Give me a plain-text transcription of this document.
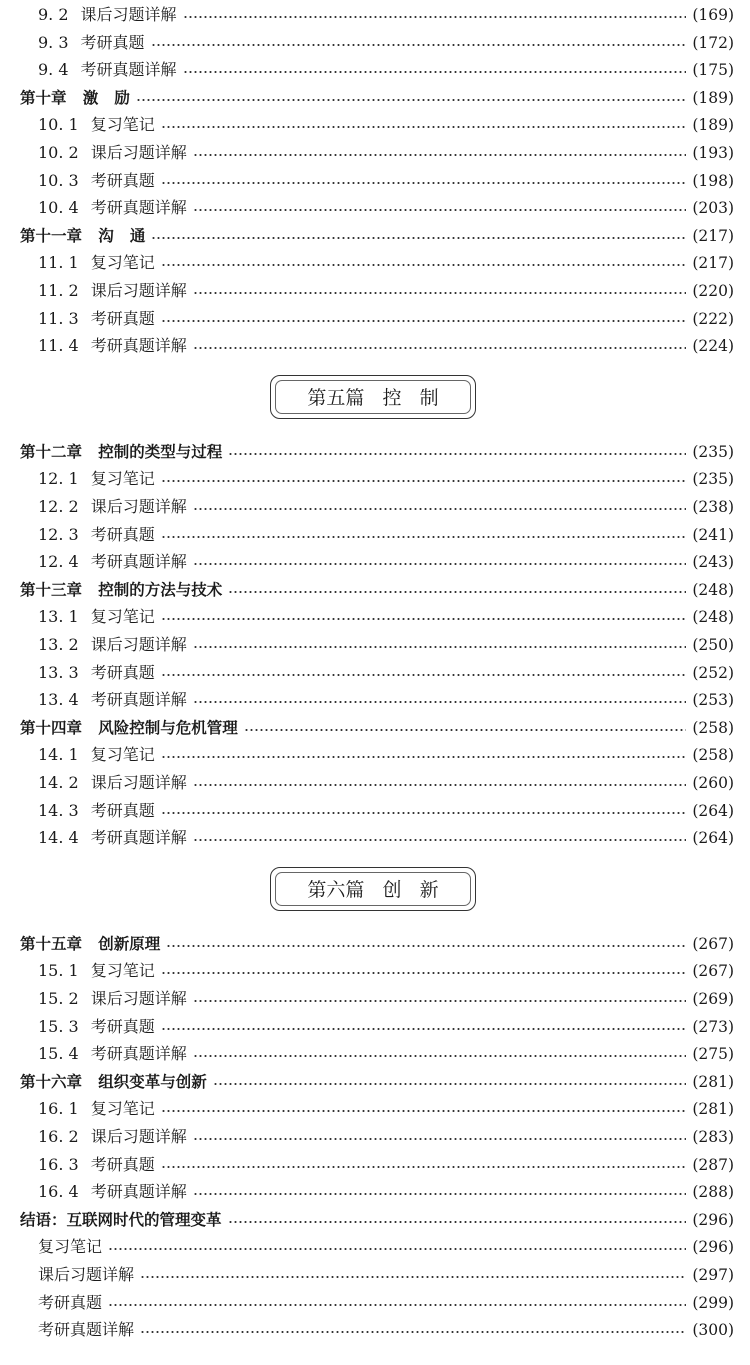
9. 2 课后习题详解	(169)
9. 3 考研真题	(172)
9. 4 考研真题详解	(175)
第十章   激   励	(189)
10. 1 复习笔记	(189)
10. 2 课后习题详解	(193)
10. 3 考研真题	(198)
10. 4 考研真题详解	(203)
第十一章   沟   通	(217)
11. 1 复习笔记	(217)
11. 2 课后习题详解	(220)
11. 3 考研真题	(222)
11. 4 考研真题详解	(224)
第五篇   控   制
第十二章   控制的类型与过程	(235)
12. 1 复习笔记	(235)
12. 2 课后习题详解	(238)
12. 3 考研真题	(241)
12. 4 考研真题详解	(243)
第十三章   控制的方法与技术	(248)
13. 1 复习笔记	(248)
13. 2 课后习题详解	(250)
13. 3 考研真题	(252)
13. 4 考研真题详解	(253)
第十四章   风险控制与危机管理	(258)
14. 1 复习笔记	(258)
14. 2 课后习题详解	(260)
14. 3 考研真题	(264)
14. 4 考研真题详解	(264)
第六篇   创   新
第十五章   创新原理	(267)
15. 1 复习笔记	(267)
15. 2 课后习题详解	(269)
15. 3 考研真题	(273)
15. 4 考研真题详解	(275)
第十六章   组织变革与创新	(281)
16. 1 复习笔记	(281)
16. 2 课后习题详解	(283)
16. 3 考研真题	(287)
16. 4 考研真题详解	(288)
结语：互联网时代的管理变革	(296)
复习笔记	(296)
课后习题详解	(297)
考研真题	(299)
考研真题详解	(300)
